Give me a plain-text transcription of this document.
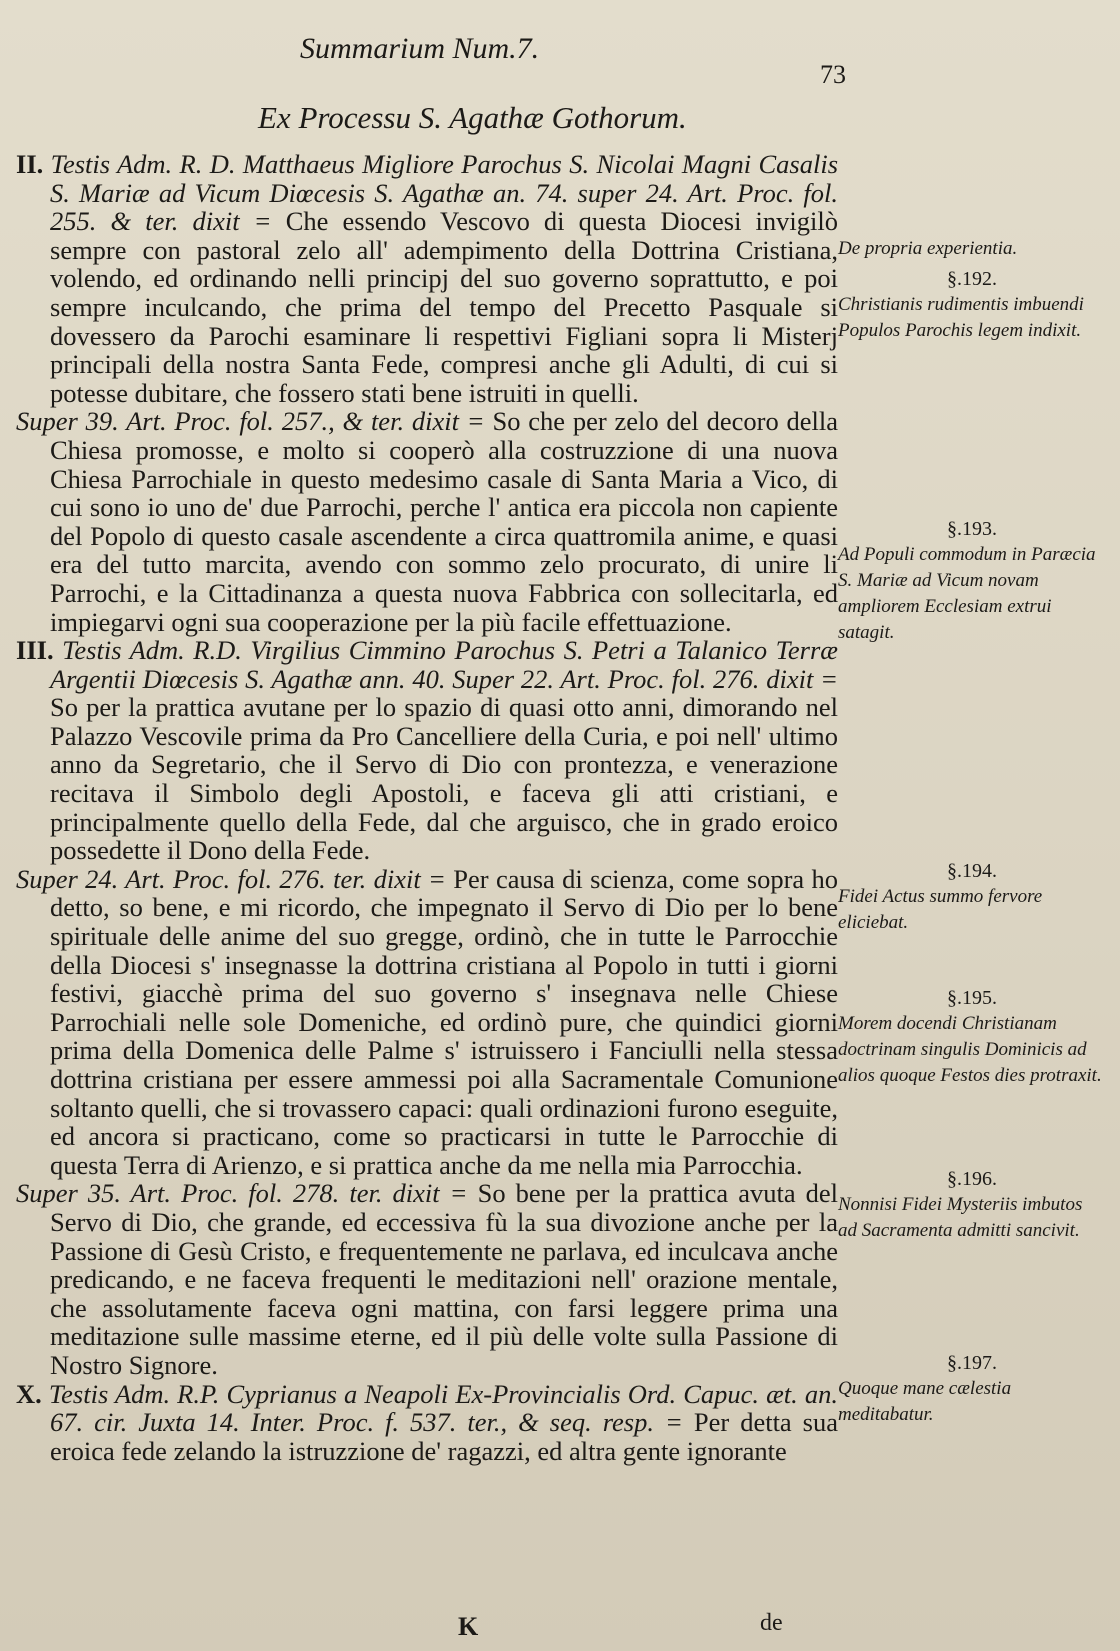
Summarium Num.7.
73
Ex Processu S. Agathæ Gothorum.

II. Testis Adm. R. D. Matthaeus Migliore Parochus S. Nicolai Magni Casalis S. Mariæ ad Vicum Diœcesis S. Agathæ an. 74. super 24. Art. Proc. fol. 255. & ter. dixit = Che essendo Vescovo di questa Diocesi invigilò sempre con pastoral zelo all' adempimento della Dottrina Cristiana, volendo, ed ordinando nelli principj del suo governo soprattutto, e poi sempre inculcando, che prima del tempo del Precetto Pasquale si dovessero da Parochi esaminare li respettivi Figliani sopra li Misterj principali della nostra Santa Fede, compresi anche gli Adulti, di cui si potesse dubitare, che fossero stati bene istruiti in quelli.

Super 39. Art. Proc. fol. 257., & ter. dixit = So che per zelo del decoro della Chiesa promosse, e molto si cooperò alla costruzzione di una nuova Chiesa Parrochiale in questo medesimo casale di Santa Maria a Vico, di cui sono io uno de' due Parrochi, perche l' antica era piccola non capiente del Popolo di questo casale ascendente a circa quattromila anime, e quasi era del tutto marcita, avendo con sommo zelo procurato, di unire li Parrochi, e la Cittadinanza a questa nuova Fabbrica con sollecitarla, ed impiegarvi ogni sua cooperazione per la più facile effettuazione.

III. Testis Adm. R.D. Virgilius Cimmino Parochus S. Petri a Talanico Terræ Argentii Diœcesis S. Agathæ ann. 40. Super 22. Art. Proc. fol. 276. dixit = So per la prattica avutane per lo spazio di quasi otto anni, dimorando nel Palazzo Vescovile prima da Pro Cancelliere della Curia, e poi nell' ultimo anno da Segretario, che il Servo di Dio con prontezza, e venerazione recitava il Simbolo degli Apostoli, e faceva gli atti cristiani, e principalmente quello della Fede, dal che arguisco, che in grado eroico possedette il Dono della Fede.

Super 24. Art. Proc. fol. 276. ter. dixit = Per causa di scienza, come sopra ho detto, so bene, e mi ricordo, che impegnato il Servo di Dio per lo bene spirituale delle anime del suo gregge, ordinò, che in tutte le Parrocchie della Diocesi s' insegnasse la dottrina cristiana al Popolo in tutti i giorni festivi, giacchè prima del suo governo s' insegnava nelle Chiese Parrochiali nelle sole Domeniche, ed ordinò pure, che quindici giorni prima della Domenica delle Palme s' istruissero i Fanciulli nella stessa dottrina cristiana per essere ammessi poi alla Sacramentale Comunione soltanto quelli, che si trovassero capaci: quali ordinazioni furono eseguite, ed ancora si practicano, come so practicarsi in tutte le Parrocchie di questa Terra di Arienzo, e si prattica anche da me nella mia Parrocchia.

Super 35. Art. Proc. fol. 278. ter. dixit = So bene per la prattica avuta del Servo di Dio, che grande, ed eccessiva fù la sua divozione anche per la Passione di Gesù Cristo, e frequentemente ne parlava, ed inculcava anche predicando, e ne faceva frequenti le meditazioni nell' orazione mentale, che assolutamente faceva ogni mattina, con farsi leggere prima una meditazione sulle massime eterne, ed il più delle volte sulla Passione di Nostro Signore.

X. Testis Adm. R.P. Cyprianus a Neapoli Ex-Provincialis Ord. Capuc. æt. an. 67. cir. Juxta 14. Inter. Proc. f. 537. ter., & seq. resp. = Per detta sua eroica fede zelando la istruzzione de' ragazzi, ed altra gente ignorante

De propria experientia.
§.192.
Christianis rudimentis imbuendi Populos Parochis legem indixit.
§.193.
Ad Populi commodum in Paræcia S. Mariæ ad Vicum novam ampliorem Ecclesiam extrui satagit.
§.194.
Fidei Actus summo fervore eliciebat.
§.195.
Morem docendi Christianam doctrinam singulis Dominicis ad alios quoque Festos dies protraxit.
§.196.
Nonnisi Fidei Mysteriis imbutos ad Sacramenta admitti sancivit.
§.197.
Quoque mane cælestia meditabatur.
K	de
